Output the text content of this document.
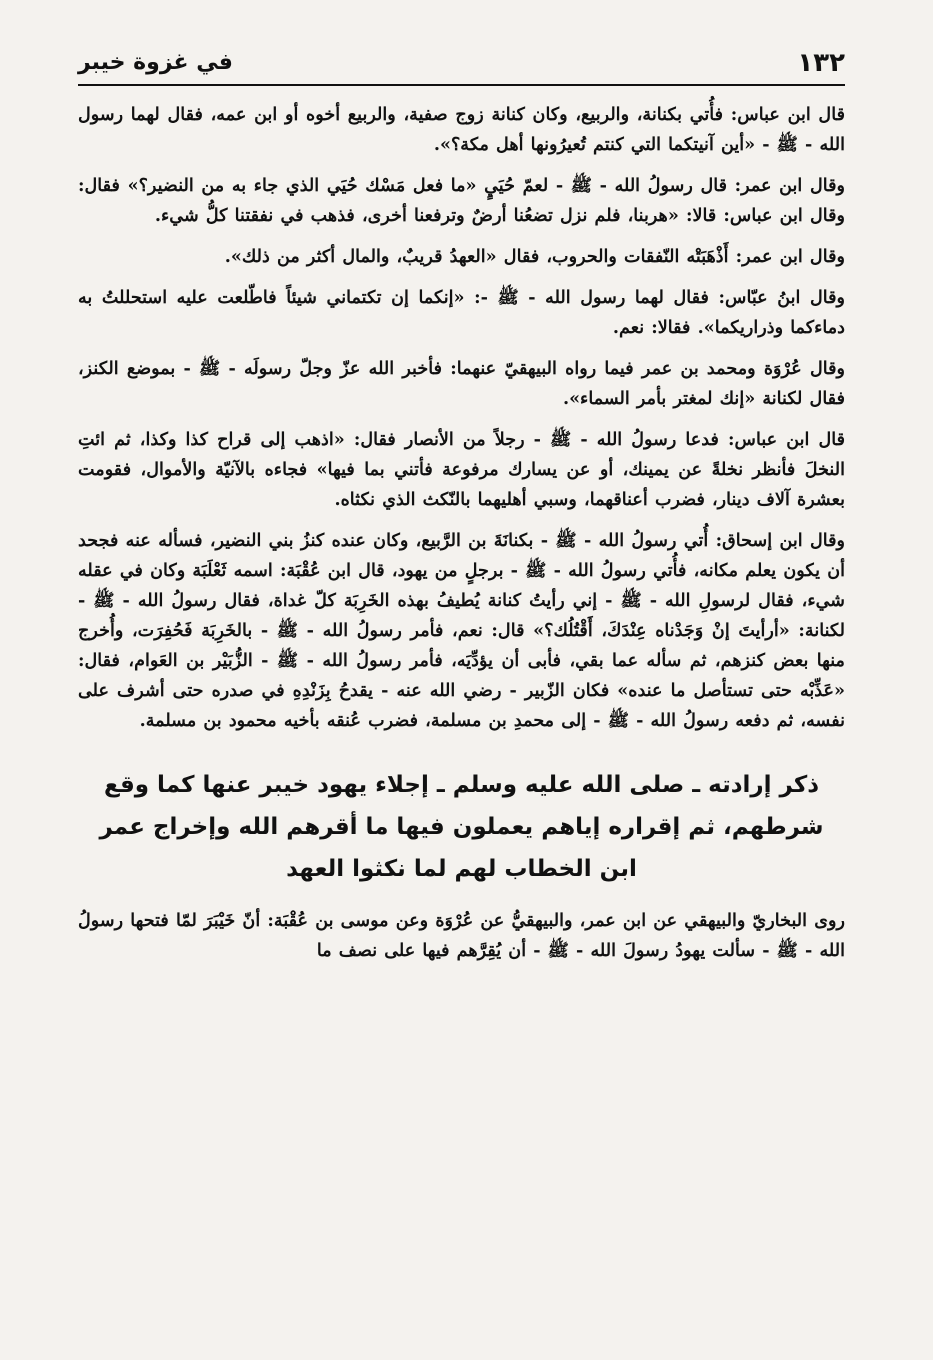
١٣٢
في غزوة خيبر

قال ابن عباس: فأُتي بكنانة، والربيع، وكان كنانة زوج صفية، والربيع أخوه أو ابن عمه، فقال لهما رسول الله - ﷺ - «أين آنيتكما التي كنتم تُعيرُونها أهل مكة؟».

وقال ابن عمر: قال رسولُ الله - ﷺ - لعمّ حُيَيٍ «ما فعل مَسْك حُيَي الذي جاء به من النضير؟» فقال: وقال ابن عباس: قالا: «هربنا، فلم نزل تضعُنا أرضٌ وترفعنا أخرى، فذهب في نفقتنا كلُّ شيء.

وقال ابن عمر: أَذْهَبَتْه النّفقات والحروب، فقال «العهدُ قريبٌ، والمال أكثر من ذلك».

وقال ابنُ عبّاس: فقال لهما رسول الله - ﷺ -: «إنكما إن تكتماني شيئاً فاطّلعت عليه استحللتُ به دماءكما وذراريكما». فقالا: نعم.

وقال عُرْوَة ومحمد بن عمر فيما رواه البيهقيّ عنهما: فأخبر الله عزّ وجلّ رسولَه - ﷺ - بموضع الكنز، فقال لكنانة «إنك لمغتر بأمر السماء».

قال ابن عباس: فدعا رسولُ الله - ﷺ - رجلاً من الأنصار فقال: «اذهب إلى قراح كذا وكذا، ثم ائتِ النخلَ فأنظر نخلةً عن يمينك، أو عن يسارك مرفوعة فأتني بما فيها» فجاءه بالآنيّة والأموال، فقومت بعشرة آلاف دينار، فضرب أعناقهما، وسبي أهليهما بالنّكث الذي نكثاه.

وقال ابن إسحاق: أُتي رسولُ الله - ﷺ - بكنانَةَ بن الرَّبيع، وكان عنده كنزُ بني النضير، فسأله عنه فجحد أن يكون يعلم مكانه، فأُتي رسولُ الله - ﷺ - برجلٍ من يهود، قال ابن عُقْبَة: اسمه ثَعْلَبَة وكان في عقله شيء، فقال لرسولِ الله - ﷺ - إني رأيتُ كنانة يُطيفُ بهذه الخَرِبَة كلّ غداة، فقال رسولُ الله - ﷺ - لكنانة: «أرأيتَ إنْ وَجَدْناه عِنْدَكَ، أَقْتُلُك؟» قال: نعم، فأمر رسولُ الله - ﷺ - بالخَرِبَة فَحُفِرَت، وأُخرج منها بعض كنزهم، ثم سأله عما بقي، فأبى أن يؤدِّيَه، فأمر رسولُ الله - ﷺ - الزُّبَيْر بن العَوام، فقال: «عَذِّبْه حتى تستأصل ما عنده» فكان الزّبير - رضي الله عنه - يقدحُ بِزَنْدِهِ في صدره حتى أشرف على نفسه، ثم دفعه رسولُ الله - ﷺ - إلى محمدِ بن مسلمة، فضرب عُنقه بأخيه محمود بن مسلمة.

ذكر إرادته ـ صلى الله عليه وسلم ـ إجلاء يهود خيبر عنها كما وقع شرطهم، ثم إقراره إياهم يعملون فيها ما أقرهم الله وإخراج عمر ابن الخطاب لهم لما نكثوا العهد

روى البخاريّ والبيهقي عن ابن عمر، والبيهقيُّ عن عُرْوَة وعن موسى بن عُقْبَة: أنّ خَيْبَرَ لمّا فتحها رسولُ الله - ﷺ - سألت يهودُ رسولَ الله - ﷺ - أن يُقِرَّهم فيها على نصف ما
